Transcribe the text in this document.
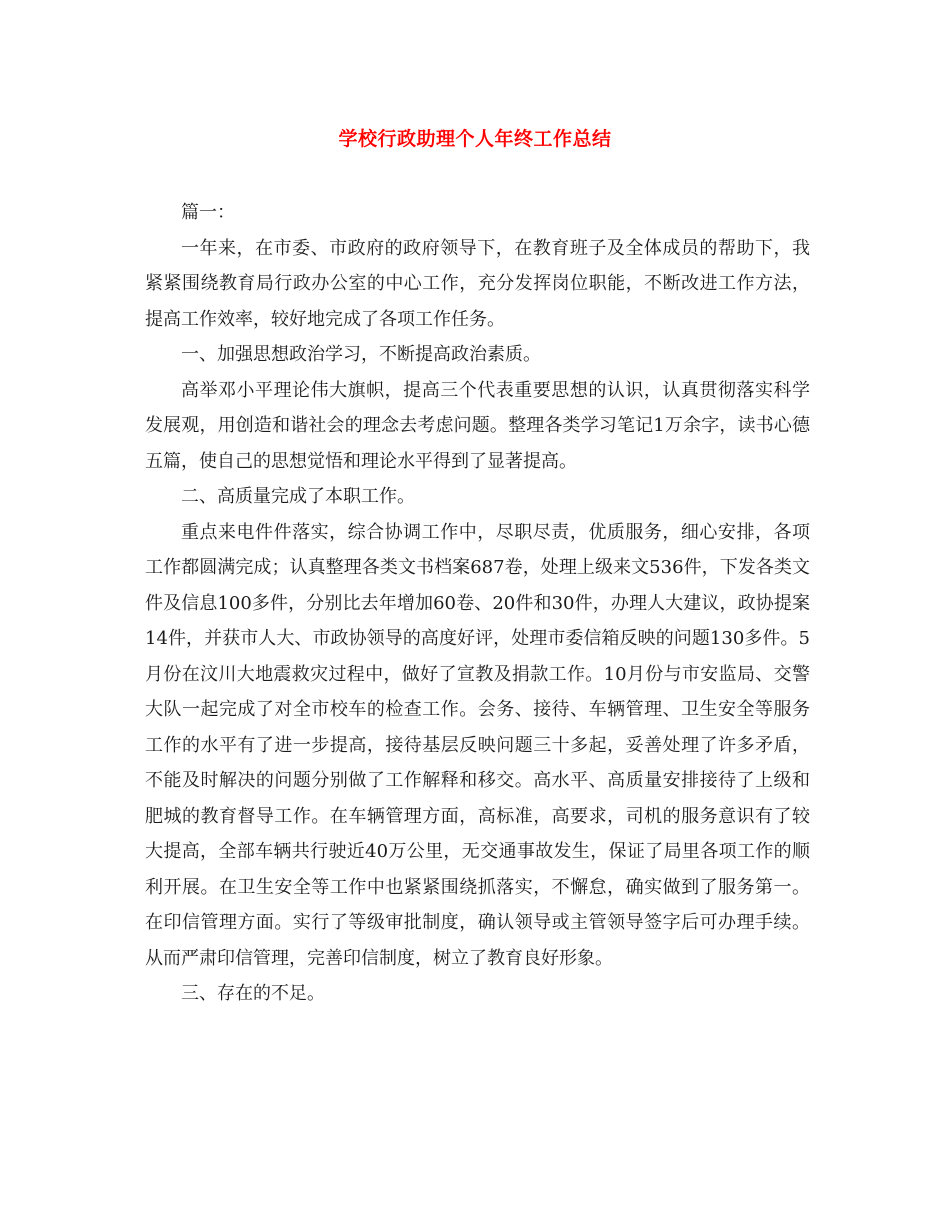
学校行政助理个人年终工作总结

篇一：

一年来，在市委、市政府的政府领导下，在教育班子及全体成员的帮助下，我紧紧围绕教育局行政办公室的中心工作，充分发挥岗位职能，不断改进工作方法，提高工作效率，较好地完成了各项工作任务。

一、加强思想政治学习，不断提高政治素质。

高举邓小平理论伟大旗帜，提高三个代表重要思想的认识，认真贯彻落实科学发展观，用创造和谐社会的理念去考虑问题。整理各类学习笔记1万余字，读书心德五篇，使自己的思想觉悟和理论水平得到了显著提高。

二、高质量完成了本职工作。

重点来电件件落实，综合协调工作中，尽职尽责，优质服务，细心安排，各项工作都圆满完成；认真整理各类文书档案687卷，处理上级来文536件，下发各类文件及信息100多件，分别比去年增加60卷、20件和30件，办理人大建议，政协提案14件，并获市人大、市政协领导的高度好评，处理市委信箱反映的问题130多件。5月份在汶川大地震救灾过程中，做好了宣教及捐款工作。10月份与市安监局、交警大队一起完成了对全市校车的检查工作。会务、接待、车辆管理、卫生安全等服务工作的水平有了进一步提高，接待基层反映问题三十多起，妥善处理了许多矛盾，不能及时解决的问题分别做了工作解释和移交。高水平、高质量安排接待了上级和肥城的教育督导工作。在车辆管理方面，高标准，高要求，司机的服务意识有了较大提高，全部车辆共行驶近40万公里，无交通事故发生，保证了局里各项工作的顺利开展。在卫生安全等工作中也紧紧围绕抓落实，不懈怠，确实做到了服务第一。在印信管理方面。实行了等级审批制度，确认领导或主管领导签字后可办理手续。从而严肃印信管理，完善印信制度，树立了教育良好形象。

三、存在的不足。
